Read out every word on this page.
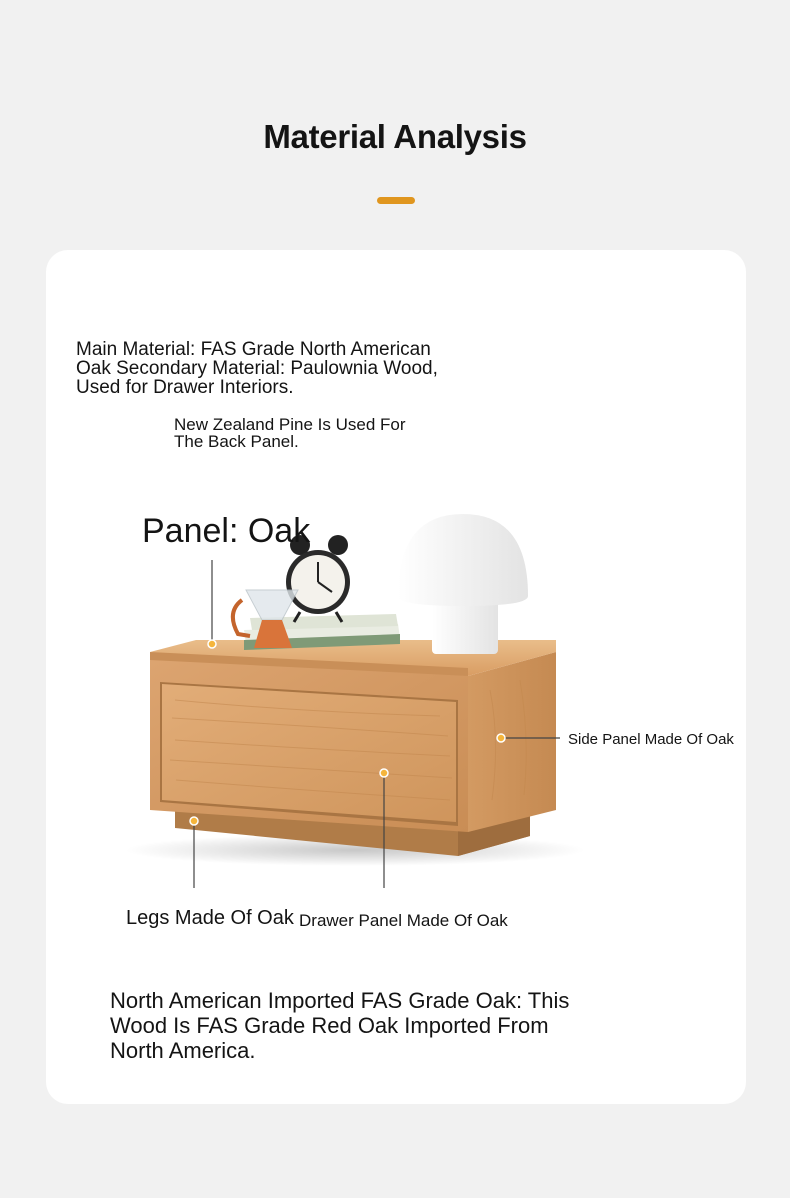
Material Analysis
Main Material: FAS Grade North American
Oak Secondary Material: Paulownia Wood,
Used for Drawer Interiors.
New Zealand Pine Is Used For
The Back Panel.
Panel: Oak
Side Panel Made Of Oak
Legs Made Of Oak Drawer Panel Made Of Oak
North American Imported FAS Grade Oak: This
Wood Is FAS Grade Red Oak Imported From
North America.
